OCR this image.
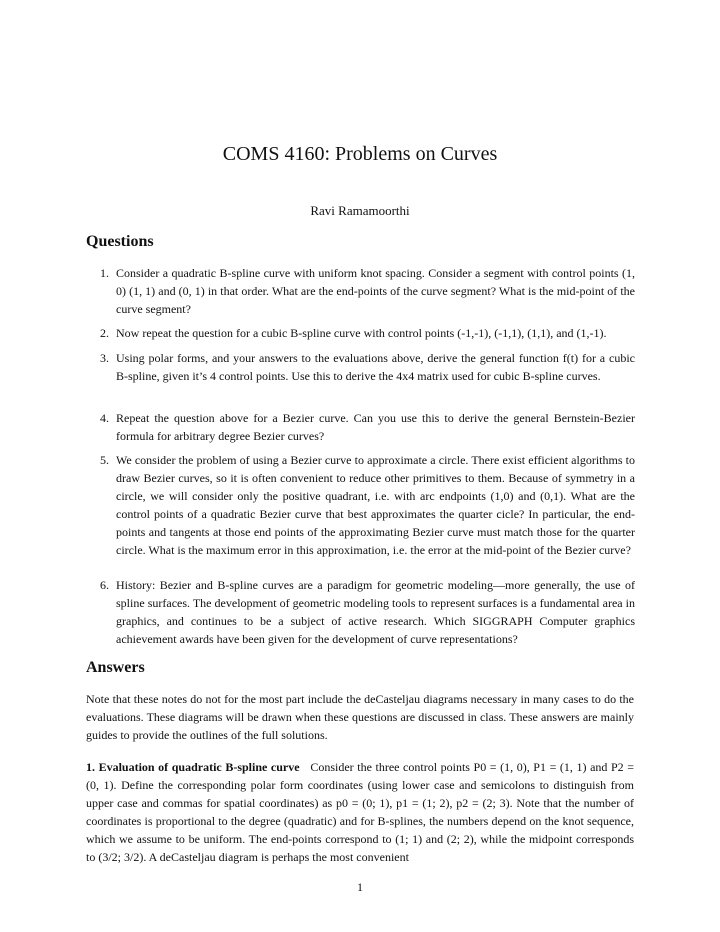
COMS 4160: Problems on Curves
Ravi Ramamoorthi
Questions
1. Consider a quadratic B-spline curve with uniform knot spacing. Consider a segment with control points (1, 0) (1, 1) and (0, 1) in that order. What are the end-points of the curve segment? What is the mid-point of the curve segment?
2. Now repeat the question for a cubic B-spline curve with control points (-1,-1), (-1,1), (1,1), and (1,-1).
3. Using polar forms, and your answers to the evaluations above, derive the general function f(t) for a cubic B-spline, given it’s 4 control points. Use this to derive the 4x4 matrix used for cubic B-spline curves.
4. Repeat the question above for a Bezier curve. Can you use this to derive the general Bernstein-Bezier formula for arbitrary degree Bezier curves?
5. We consider the problem of using a Bezier curve to approximate a circle. There exist efficient algorithms to draw Bezier curves, so it is often convenient to reduce other primitives to them. Because of symmetry in a circle, we will consider only the positive quadrant, i.e. with arc endpoints (1,0) and (0,1). What are the control points of a quadratic Bezier curve that best approximates the quarter cicle? In particular, the end-points and tangents at those end points of the approximating Bezier curve must match those for the quarter circle. What is the maximum error in this approximation, i.e. the error at the mid-point of the Bezier curve?
6. History: Bezier and B-spline curves are a paradigm for geometric modeling—more generally, the use of spline surfaces. The development of geometric modeling tools to represent surfaces is a fundamental area in graphics, and continues to be a subject of active research. Which SIGGRAPH Computer graphics achievement awards have been given for the development of curve representations?
Answers
Note that these notes do not for the most part include the deCasteljau diagrams necessary in many cases to do the evaluations. These diagrams will be drawn when these questions are discussed in class. These answers are mainly guides to provide the outlines of the full solutions.
1. Evaluation of quadratic B-spline curve Consider the three control points P0 = (1, 0), P1 = (1, 1) and P2 = (0, 1). Define the corresponding polar form coordinates (using lower case and semicolons to distinguish from upper case and commas for spatial coordinates) as p0 = (0; 1), p1 = (1; 2), p2 = (2; 3). Note that the number of coordinates is proportional to the degree (quadratic) and for B-splines, the numbers depend on the knot sequence, which we assume to be uniform. The end-points correspond to (1; 1) and (2; 2), while the midpoint corresponds to (3/2; 3/2). A deCasteljau diagram is perhaps the most convenient
1
